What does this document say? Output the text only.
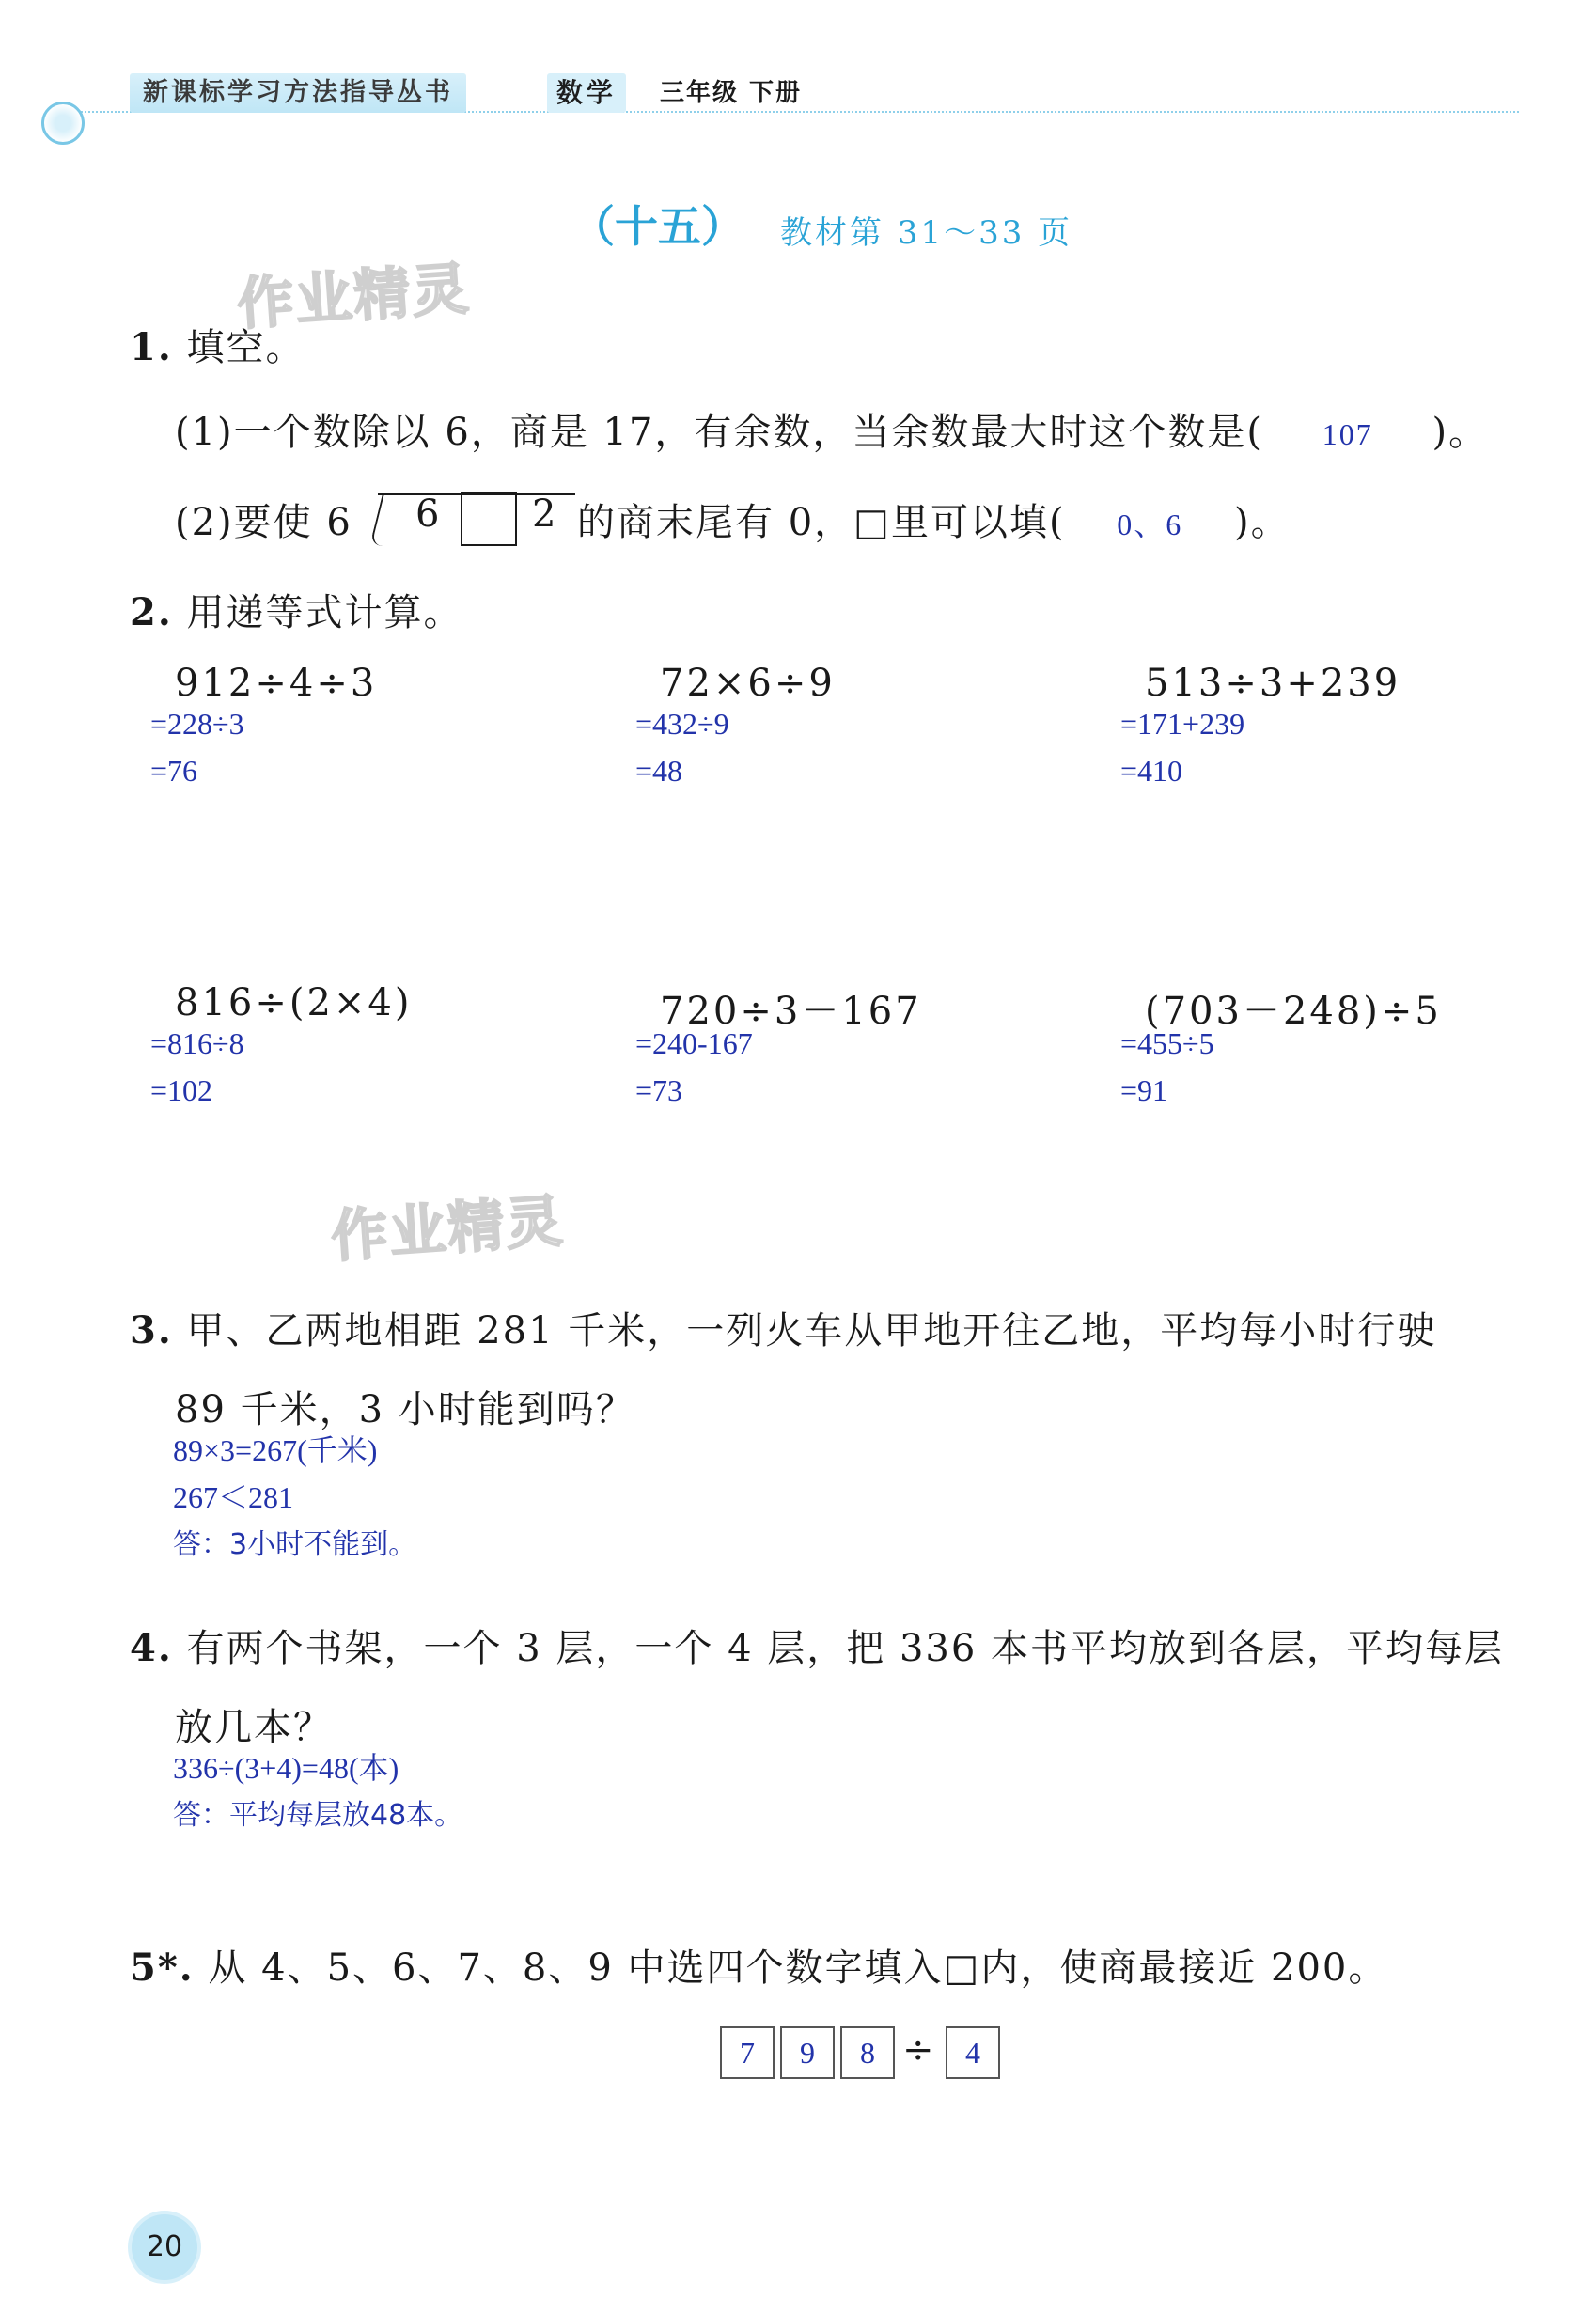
新课标学习方法指导丛书	数学	三年级 下册
（十五） 教材第 31～33 页
作业精灵
作业精灵
1. 填空。
(1)一个数除以 6，商是 17，有余数，当余数最大时这个数是( 107 )。
(2)要使 6 6 2 的商末尾有 0，□里可以填( 0、6 )。
2. 用递等式计算。
912÷4÷3
=228÷3
=76
72×6÷9
=432÷9
=48
513÷3+239
=171+239
=410
816÷(2×4)
=816÷8
=102
720÷3－167
=240-167
=73
(703－248)÷5
=455÷5
=91
3. 甲、乙两地相距 281 千米，一列火车从甲地开往乙地，平均每小时行驶
89 千米，3 小时能到吗？
89×3=267(千米)
267＜281
答：3小时不能到。
4. 有两个书架，一个 3 层，一个 4 层，把 336 本书平均放到各层，平均每层
放几本？
336÷(3+4)=48(本)
答：平均每层放48本。
5*. 从 4、5、6、7、8、9 中选四个数字填入□内，使商最接近 200。
7	9	8 ÷ 4
20
